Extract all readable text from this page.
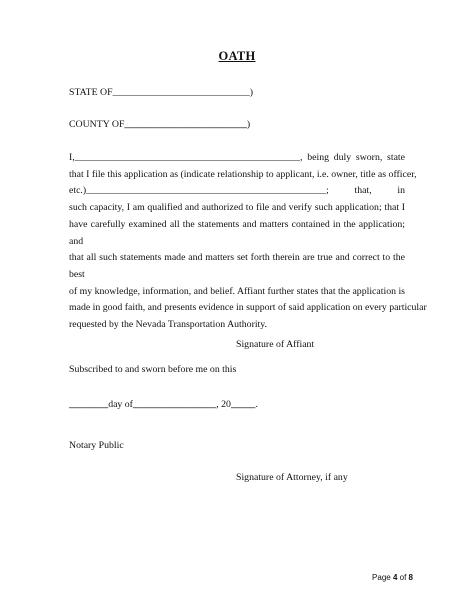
OATH
STATE OF____________________________)
COUNTY OF_________________________)
I,______________________________________________, being duly sworn, state
that I file this application as (indicate relationship to applicant, i.e. owner, title as officer,
etc.)_________________________________________________; that, in
such capacity, I am qualified and authorized to file and verify such application; that I
have carefully examined all the statements and matters contained in the application; and
that all such statements made and matters set forth therein are true and correct to the best
of my knowledge, information, and belief. Affiant further states that the application is
made in good faith, and presents evidence in support of said application on every particular
requested by the Nevada Transportation Authority.
Signature of Affiant
Subscribed to and sworn before me on this
________day of_________________, 20_____.
Notary Public
Signature of Attorney, if any
Page 4 of 8
